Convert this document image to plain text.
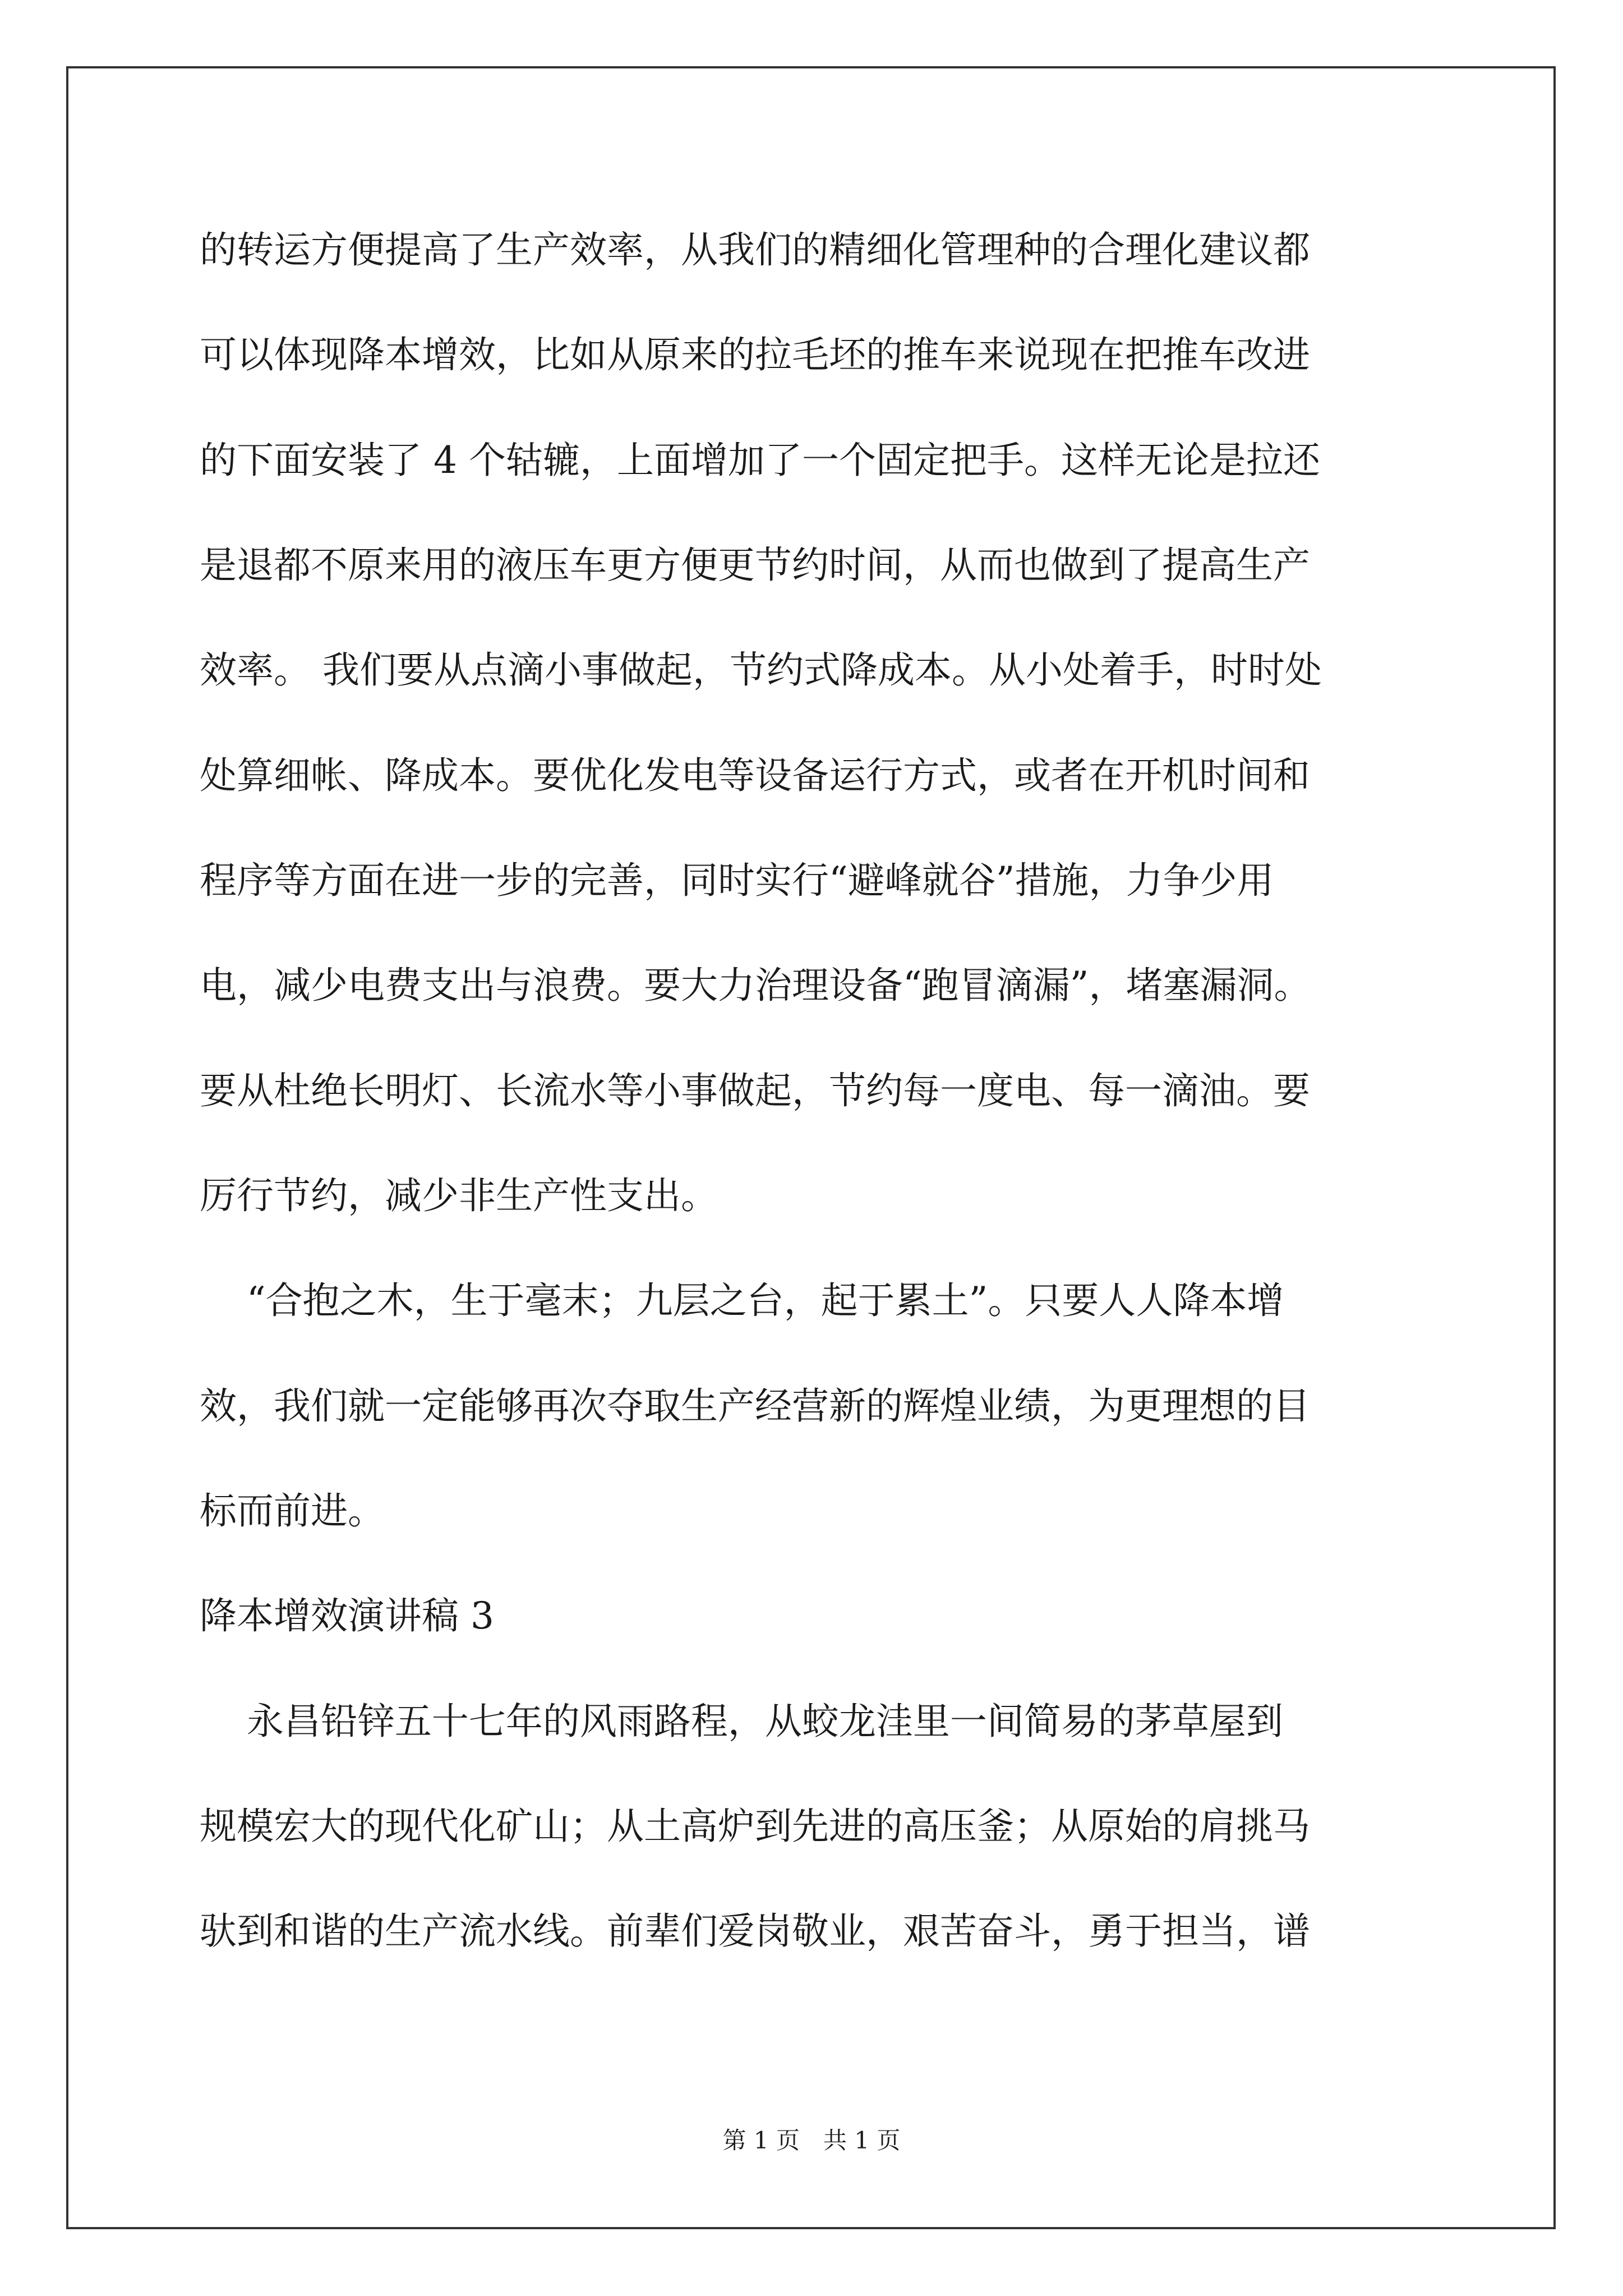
的转运方便提高了生产效率，从我们的精细化管理种的合理化建议都
可以体现降本增效，比如从原来的拉毛坯的推车来说现在把推车改进
的下面安装了 4 个轱辘，上面增加了一个固定把手。这样无论是拉还
是退都不原来用的液压车更方便更节约时间，从而也做到了提高生产
效率。 我们要从点滴小事做起，节约式降成本。从小处着手，时时处
处算细帐、降成本。要优化发电等设备运行方式，或者在开机时间和
程序等方面在进一步的完善，同时实行“避峰就谷”措施，力争少用
电，减少电费支出与浪费。要大力治理设备“跑冒滴漏”，堵塞漏洞。
要从杜绝长明灯、长流水等小事做起，节约每一度电、每一滴油。要
厉行节约，减少非生产性支出。
“合抱之木，生于毫末；九层之台，起于累土”。只要人人降本增
效，我们就一定能够再次夺取生产经营新的辉煌业绩，为更理想的目
标而前进。
降本增效演讲稿 3
永昌铅锌五十七年的风雨路程，从蛟龙洼里一间简易的茅草屋到
规模宏大的现代化矿山；从土高炉到先进的高压釜；从原始的肩挑马
驮到和谐的生产流水线。前辈们爱岗敬业，艰苦奋斗，勇于担当，谱
第 1 页　共 1 页
